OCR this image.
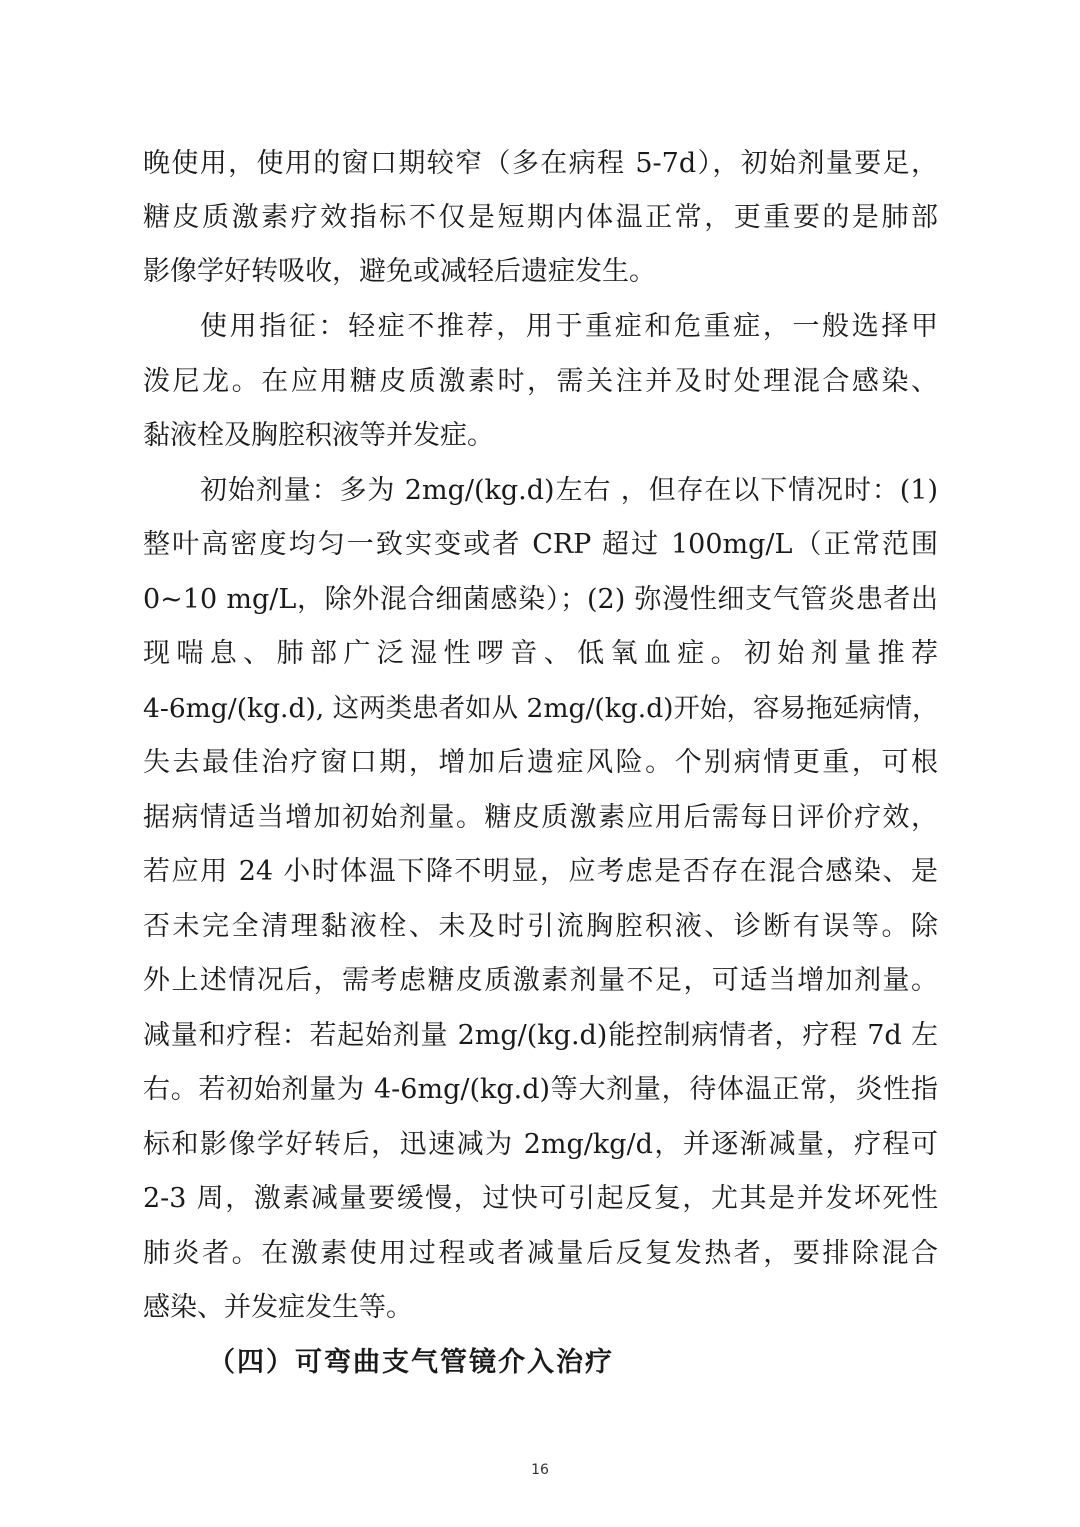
晚使用，使用的窗口期较窄（多在病程 5-7d），初始剂量要足，
糖皮质激素疗效指标不仅是短期内体温正常，更重要的是肺部
影像学好转吸收，避免或减轻后遗症发生。
使用指征：轻症不推荐，用于重症和危重症，一般选择甲
泼尼龙。在应用糖皮质激素时，需关注并及时处理混合感染、
黏液栓及胸腔积液等并发症。
初始剂量：多为 2mg/(kg.d)左右 ，但存在以下情况时：(1)
整叶高密度均匀一致实变或者 CRP 超过 100mg/L（正常范围
0~10 mg/L，除外混合细菌感染）；(2) 弥漫性细支气管炎患者出
现喘息、肺部广泛湿性啰音、低氧血症。初始剂量推荐
4-6mg/(kg.d), 这两类患者如从 2mg/(kg.d)开始，容易拖延病情，
失去最佳治疗窗口期，增加后遗症风险。个别病情更重，可根
据病情适当增加初始剂量。糖皮质激素应用后需每日评价疗效，
若应用 24 小时体温下降不明显，应考虑是否存在混合感染、是
否未完全清理黏液栓、未及时引流胸腔积液、诊断有误等。除
外上述情况后，需考虑糖皮质激素剂量不足，可适当增加剂量。
减量和疗程：若起始剂量 2mg/(kg.d)能控制病情者，疗程 7d 左
右。若初始剂量为 4-6mg/(kg.d)等大剂量，待体温正常，炎性指
标和影像学好转后，迅速减为 2mg/kg/d，并逐渐减量，疗程可
2-3 周，激素减量要缓慢，过快可引起反复，尤其是并发坏死性
肺炎者。在激素使用过程或者减量后反复发热者，要排除混合
感染、并发症发生等。
（四）可弯曲支气管镜介入治疗
16
